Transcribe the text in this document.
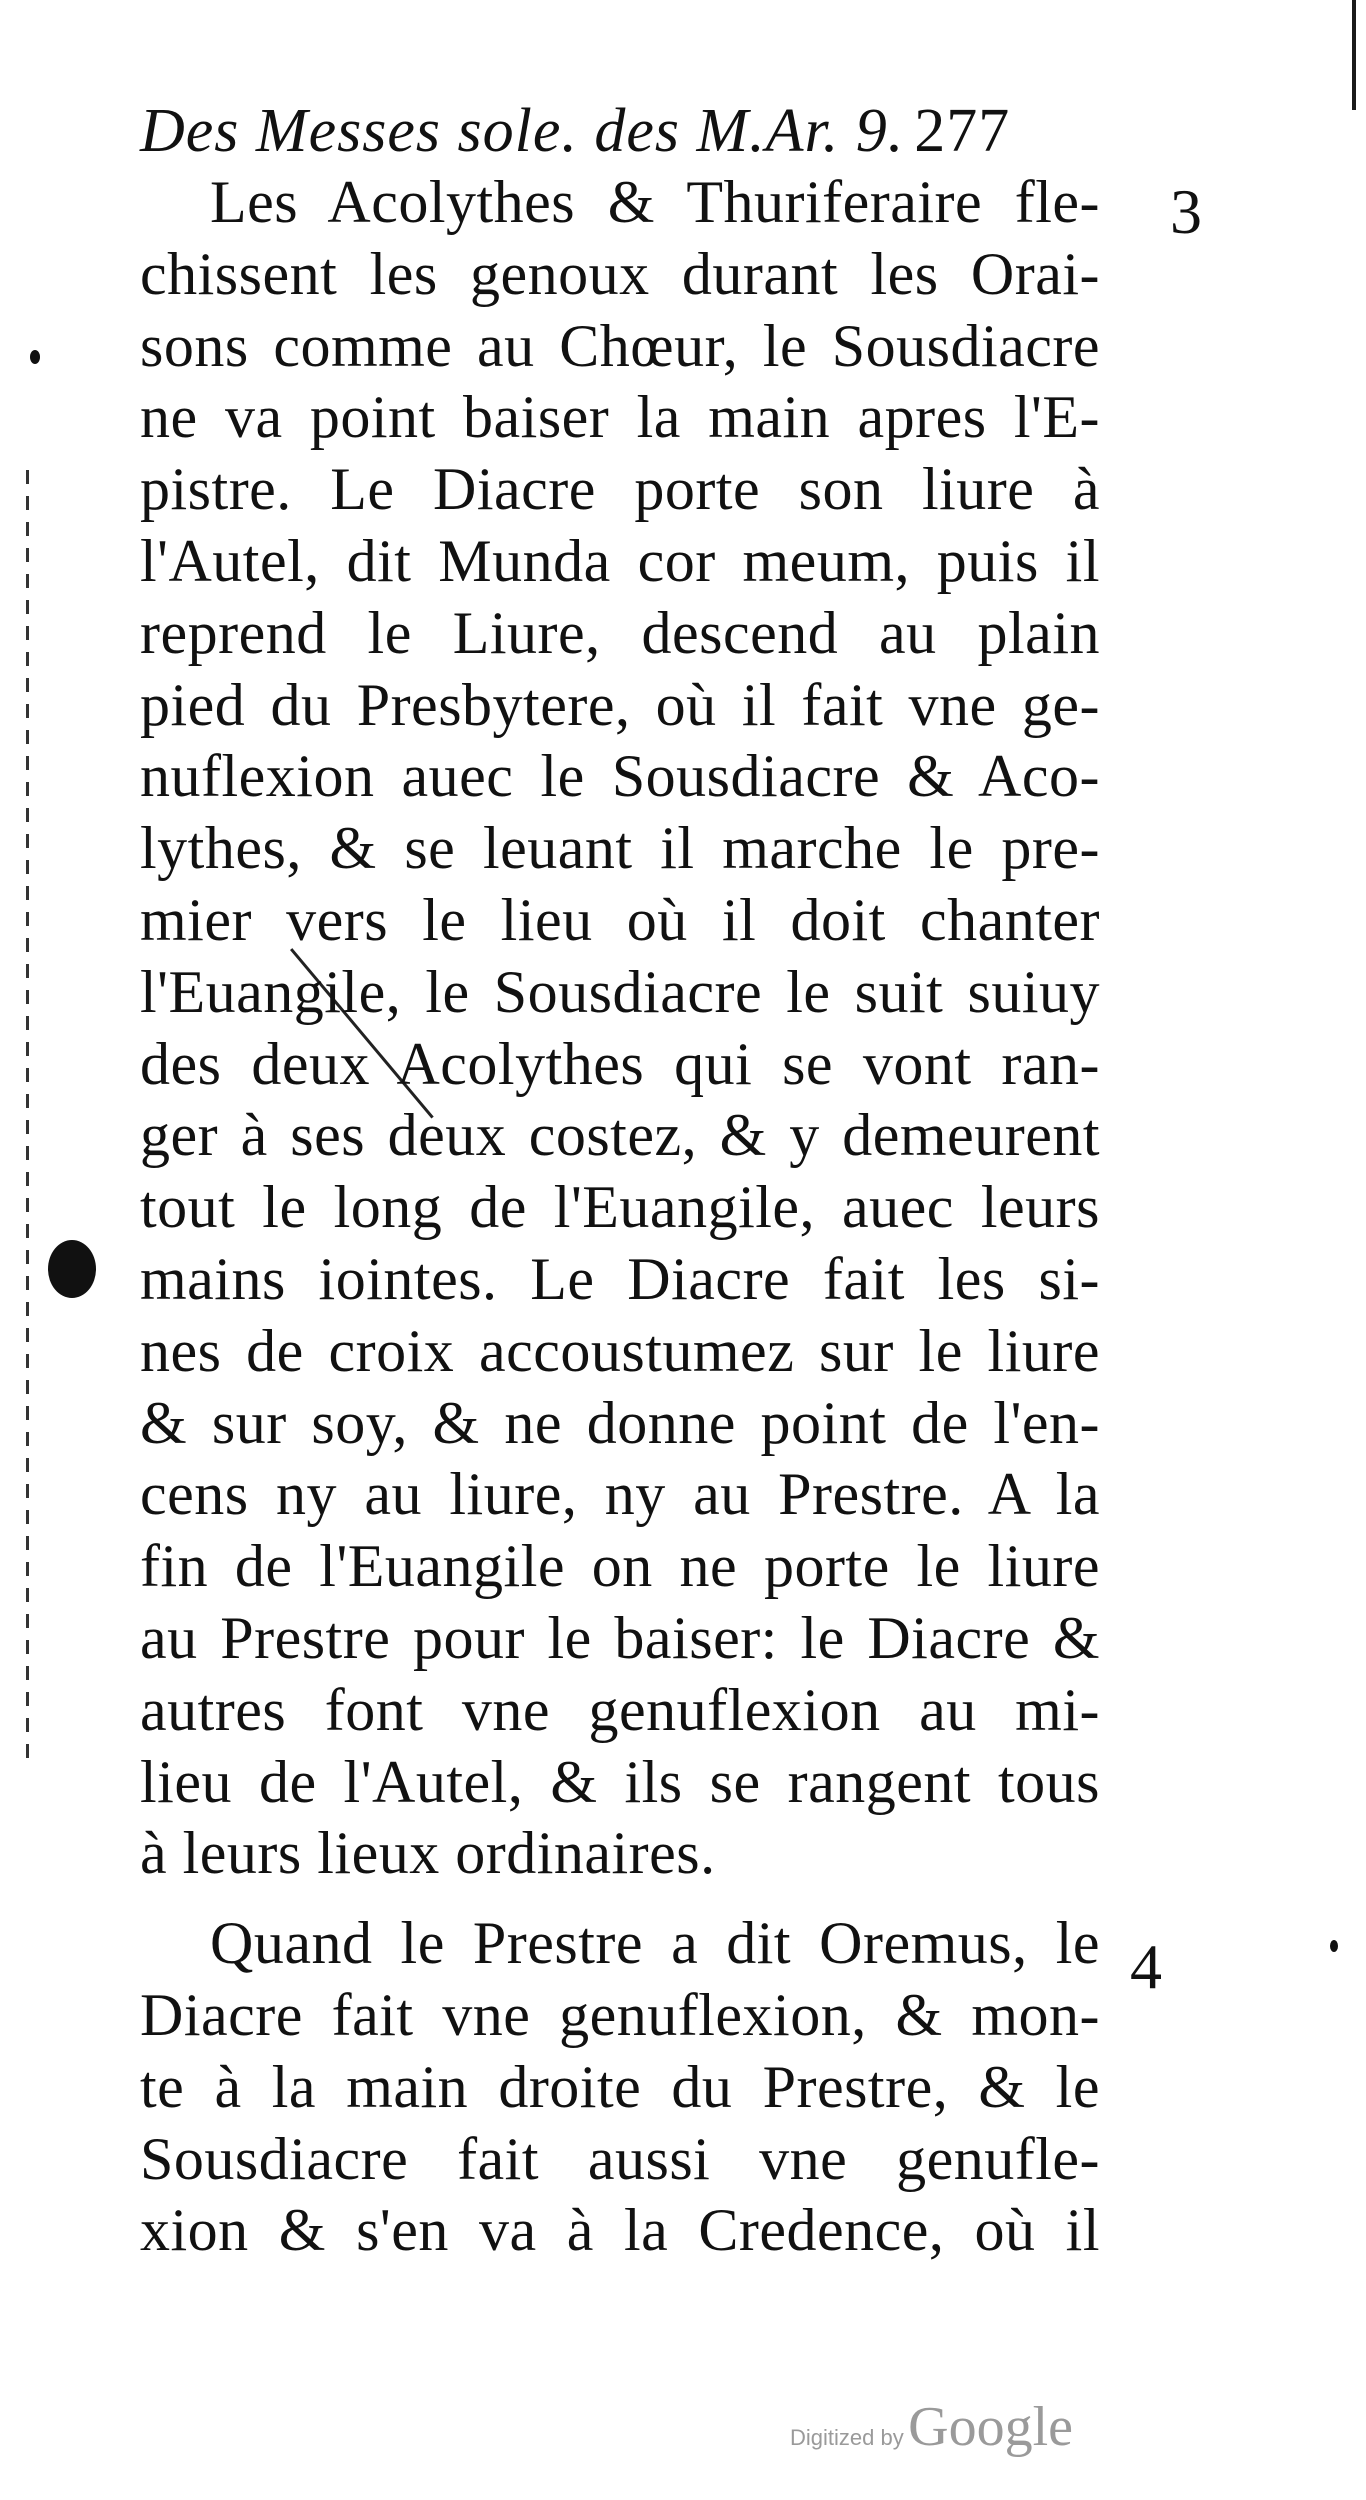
3
4
Des Messes sole. des M.Ar. 9. 277
Les Acolythes & Thuriferaire fle-
chissent les genoux durant les Orai-
sons comme au Chœur, le Sousdiacre
ne va point baiser la main apres l'E-
pistre. Le Diacre porte son liure à
l'Autel, dit Munda cor meum, puis il
reprend le Liure, descend au plain
pied du Presbytere, où il fait vne ge-
nuflexion auec le Sousdiacre & Aco-
lythes, & se leuant il marche le pre-
mier vers le lieu où il doit chanter
l'Euangile, le Sousdiacre le suit suiuy
des deux Acolythes qui se vont ran-
ger à ses deux costez, & y demeurent
tout le long de l'Euangile, auec leurs
mains iointes. Le Diacre fait les si-
nes de croix accoustumez sur le liure
& sur soy, & ne donne point de l'en-
cens ny au liure, ny au Prestre. A la
fin de l'Euangile on ne porte le liure
au Prestre pour le baiser: le Diacre &
autres font vne genuflexion au mi-
lieu de l'Autel, & ils se rangent tous
à leurs lieux ordinaires.
Quand le Prestre a dit Oremus, le
Diacre fait vne genuflexion, & mon-
te à la main droite du Prestre, & le
Sousdiacre fait aussi vne genufle-
xion & s'en va à la Credence, où il
Digitized by Google
